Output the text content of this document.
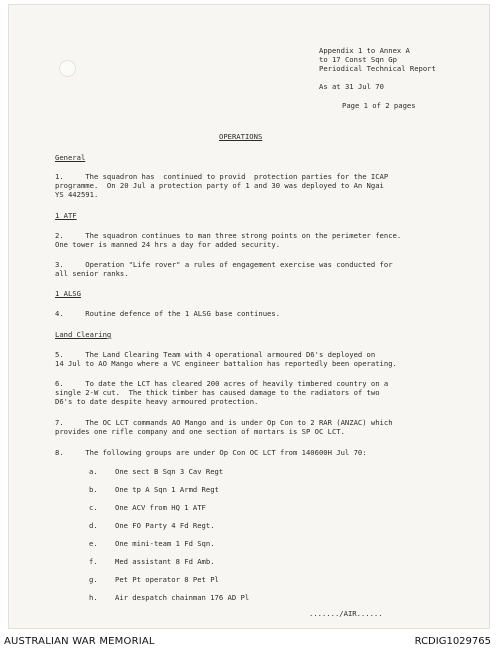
Appendix 1 to Annex A
to 17 Const Sqn Gp
Periodical Technical Report
As at 31 Jul 70
Page 1 of 2 pages
OPERATIONS
General
1.     The squadron has  continued to provid  protection parties for the ICAP
programme.  On 20 Jul a protection party of 1 and 30 was deployed to An Ngai
YS 442591.
1 ATF
2.     The squadron continues to man three strong points on the perimeter fence.
One tower is manned 24 hrs a day for added security.
3.     Operation "Life rover" a rules of engagement exercise was conducted for
all senior ranks.
1 ALSG
4.     Routine defence of the 1 ALSG base continues.
Land Clearing
5.     The Land Clearing Team with 4 operational armoured D6's deployed on
14 Jul to AO Mango where a VC engineer battalion has reportedly been operating.
6.     To date the LCT has cleared 200 acres of heavily timbered country on a
single 2-W cut.  The thick timber has caused damage to the radiators of two
D6's to date despite heavy armoured protection.
7.     The OC LCT commands AO Mango and is under Op Con to 2 RAR (ANZAC) which
provides one rifle company and one section of mortars is SP OC LCT.
8.     The following groups are under Op Con OC LCT from 140600H Jul 70:
a. One sect B Sqn 3 Cav Regt
b. One tp A Sqn 1 Armd Regt
c. One ACV from HQ 1 ATF
d. One FO Party 4 Fd Regt.
e. One mini-team 1 Fd Sqn.
f. Med assistant 8 Fd Amb.
g. Pet Pt operator 8 Pet Pl
h. Air despatch chainman 176 AD Pl
......./AIR......
AUSTRALIAN WAR MEMORIAL	RCDIG1029765
